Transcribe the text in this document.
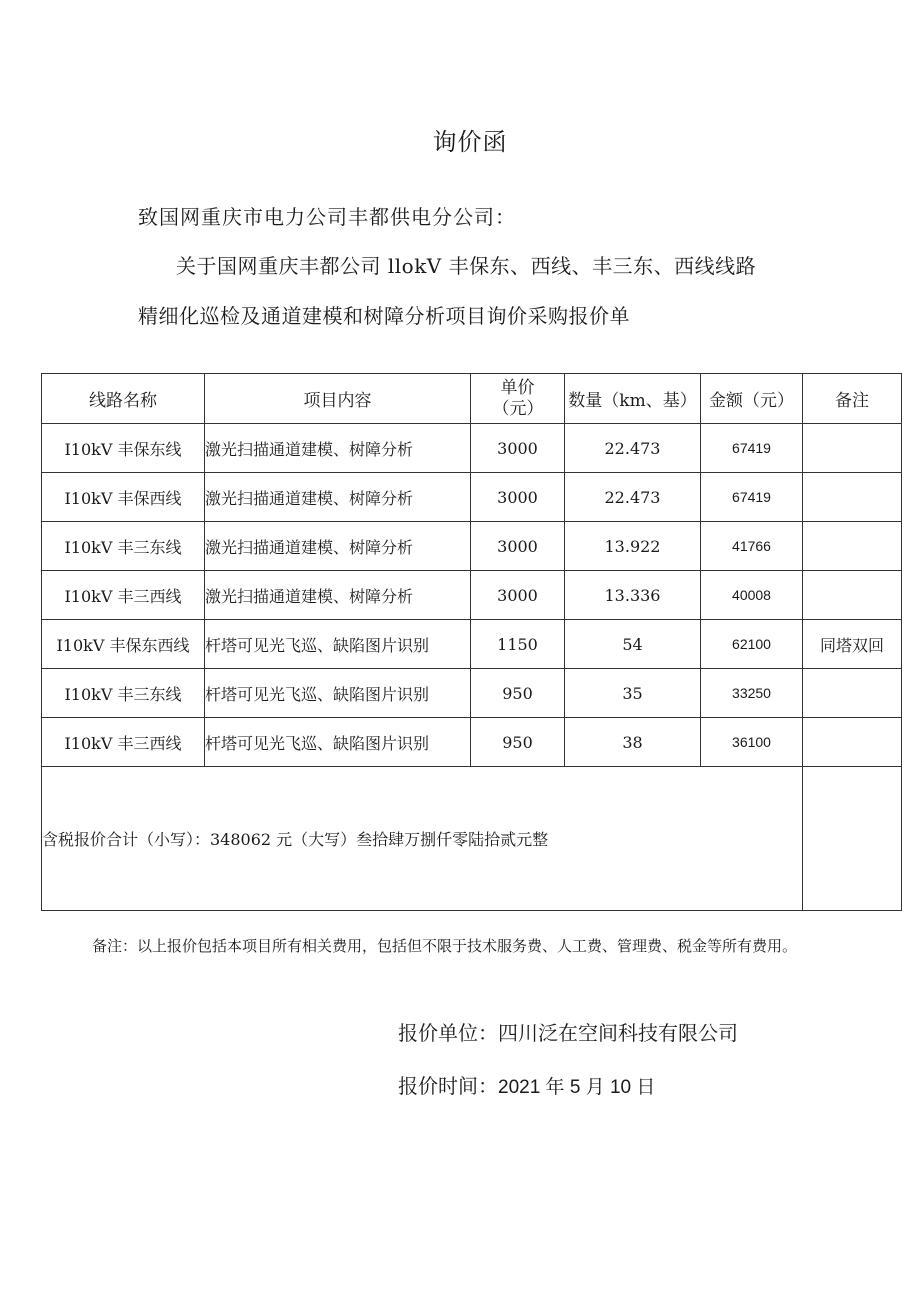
询价函
致国网重庆市电力公司丰都供电分公司：
关于国网重庆丰都公司 llokV 丰保东、西线、丰三东、西线线路
精细化巡检及通道建模和树障分析项目询价采购报价单
线路名称	项目内容	单价（元）	数量（km、基）	金额（元）	备注
I10kV 丰保东线	激光扫描通道建模、树障分析	3000	22.473	67419	
I10kV 丰保西线	激光扫描通道建模、树障分析	3000	22.473	67419	
I10kV 丰三东线	激光扫描通道建模、树障分析	3000	13.922	41766	
I10kV 丰三西线	激光扫描通道建模、树障分析	3000	13.336	40008	
I10kV 丰保东西线	杆塔可见光飞巡、缺陷图片识别	1150	54	62100	同塔双回
I10kV 丰三东线	杆塔可见光飞巡、缺陷图片识别	950	35	33250	
I10kV 丰三西线	杆塔可见光飞巡、缺陷图片识别	950	38	36100	
含税报价合计（小写）：348062 元（大写）叁拾肆万捌仟零陆拾贰元整					
备注：以上报价包括本项目所有相关费用，包括但不限于技术服务费、人工费、管理费、税金等所有费用。
报价单位：四川泛在空间科技有限公司
报价时间：2021 年 5 月 10 日
